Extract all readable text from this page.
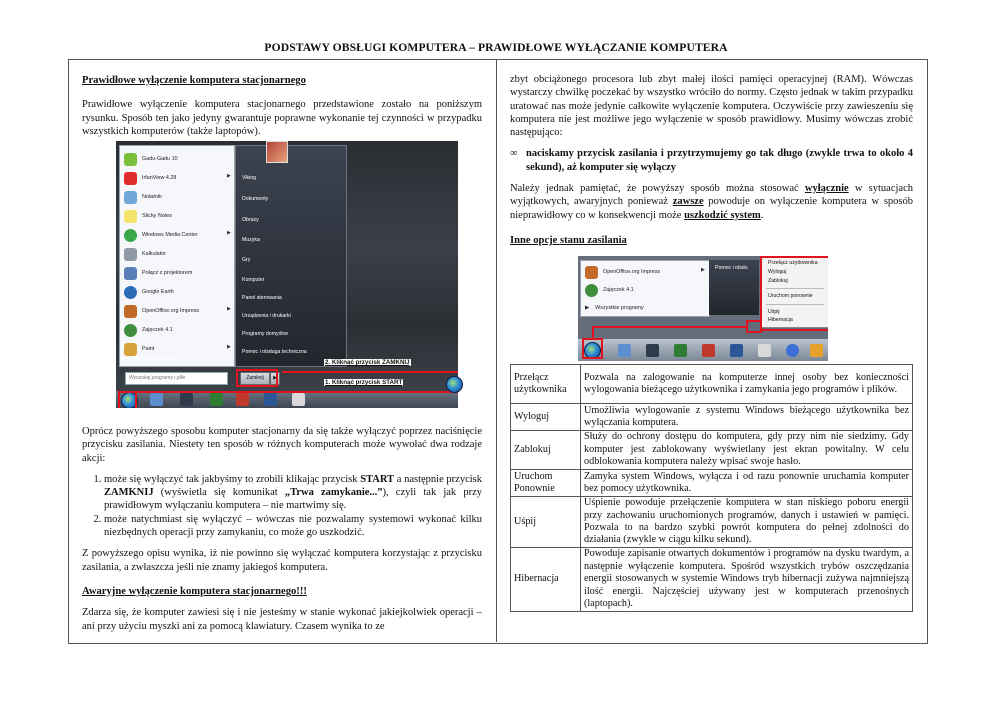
PODSTAWY OBSŁUGI KOMPUTERA – PRAWIDŁOWE WYŁĄCZANIE KOMPUTERA

Prawidłowe wyłączenie komputera stacjonarnego

Prawidłowe wyłączenie komputera stacjonarnego przedstawione zostało na poniższym rysunku. Sposób ten jako jedyny gwarantuje poprawne wykonanie tej czynności w przypadku wszystkich komputerów (także laptopów).

Gadu-Gadu 10
IrfanView 4.28
Notatnik
Sticky Notes
Windows Media Center
Kalkulator
Połącz z projektorem
Google Earth
OpenOffice.org Impress
Zajęczek 4.1
Paint
▶
▶
▶
▶
▶ Wszystkie programy
Viking
Dokumenty
Obrazy
Muzyka
Gry
Komputer
Panel sterowania
Urządzenia i drukarki
Programy domyślne
Pomoc i obsługa techniczna
Wyszukaj programy i pliki	Zamknij	▶
2. Kliknąć przycisk ZAMKNIJ
1. Kliknąć przycisk START

Oprócz powyższego sposobu komputer stacjonarny da się także wyłączyć poprzez naciśnięcie przycisku zasilania. Niestety ten sposób w różnych komputerach może wywołać dwa rodzaje akcji:

1. może się wyłączyć tak jakbyśmy to zrobili klikając przycisk START a następnie przycisk ZAMKNIJ (wyświetla się komunikat „Trwa zamykanie...”), czyli tak jak przy prawidłowym wyłączaniu komputera – nie martwimy się.
2. może natychmiast się wyłączyć – wówczas nie pozwalamy systemowi wykonać kilku niezbędnych operacji przy zamykaniu, co może go uszkodzić.

Z powyższego opisu wynika, iż nie powinno się wyłączać komputera korzystając z przycisku zasilania, a zwłaszcza jeśli nie znamy jakiegoś komputera.

Awaryjne wyłączenie komputera stacjonarnego!!!

Zdarza się, że komputer zawiesi się i nie jesteśmy w stanie wykonać jakiejkolwiek operacji – ani przy użyciu myszki ani za pomocą klawiatury. Czasem wynika to ze

zbyt obciążonego procesora lub zbyt małej ilości pamięci operacyjnej (RAM). Wówczas wystarczy chwilkę poczekać by wszystko wróciło do normy. Często jednak w takim przypadku uratować nas może jedynie całkowite wyłączenie komputera. Oczywiście przy zawieszeniu się komputera nie jest możliwe jego wyłączenie w sposób prawidłowy. Musimy wówczas zrobić następująco:

∞ naciskamy przycisk zasilania i przytrzymujemy go tak długo (zwykle trwa to około 4 sekund), aż komputer się wyłączy

Należy jednak pamiętać, że powyższy sposób można stosować wyłącznie w sytuacjach wyjątkowych, awaryjnych ponieważ zawsze powoduje on wyłączenie komputera w sposób nieprawidłowy co w konsekwencji może uszkodzić system.

Inne opcje stanu zasilania

OpenOffice.org Impress
Zajęczek 4.1
▶ Wszystkie programy
▶ Pomoc i obsłu
Przełącz użytkownika
Wyloguj
Zablokuj
Uruchom ponownie
Uśpij
Hibernacja
Przełącz użytkownika	Pozwala na zalogowanie na komputerze innej osoby bez konieczności wylogowania bieżącego użytkownika i zamykania jego programów i plików.
Wyloguj	Umożliwia wylogowanie z systemu Windows bieżącego użytkownika bez wyłączania komputera.
Zablokuj	Służy do ochrony dostępu do komputera, gdy przy nim nie siedzimy. Gdy komputer jest zablokowany wyświetlany jest ekran powitalny. W celu odblokowania komputera należy wpisać swoje hasło.
Uruchom Ponownie	Zamyka system Windows, wyłącza i od razu ponownie uruchamia komputer bez pomocy użytkownika.
Uśpij	Uśpienie powoduje przełączenie komputera w stan niskiego poboru energii przy zachowaniu uruchomionych programów, danych i ustawień w pamięci. Pozwala to na bardzo szybki powrót komputera do pełnej zdolności do działania (zwykle w ciągu kilku sekund).
Hibernacja	Powoduje zapisanie otwartych dokumentów i programów na dysku twardym, a następnie wyłączenie komputera. Spośród wszystkich trybów oszczędzania energii stosowanych w systemie Windows tryb hibernacji zużywa najmniejszą ilość energii. Najczęściej używany jest w komputerach przenośnych (laptopach).
